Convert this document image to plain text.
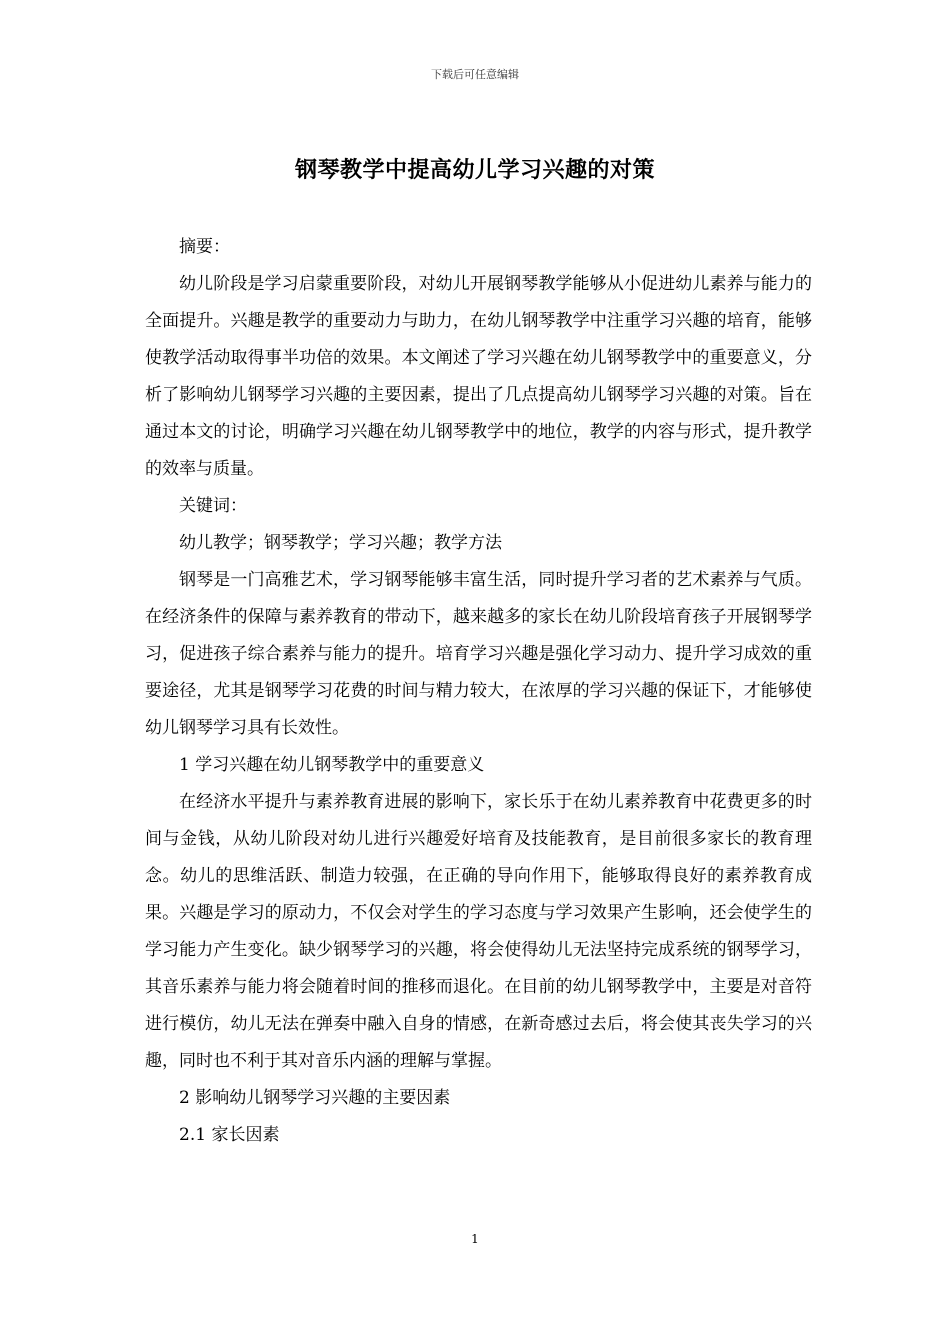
下载后可任意编辑
钢琴教学中提高幼儿学习兴趣的对策

摘要：

幼儿阶段是学习启蒙重要阶段，对幼儿开展钢琴教学能够从小促进幼儿素养与能力的全面提升。兴趣是教学的重要动力与助力，在幼儿钢琴教学中注重学习兴趣的培育，能够使教学活动取得事半功倍的效果。本文阐述了学习兴趣在幼儿钢琴教学中的重要意义，分析了影响幼儿钢琴学习兴趣的主要因素，提出了几点提高幼儿钢琴学习兴趣的对策。旨在通过本文的讨论，明确学习兴趣在幼儿钢琴教学中的地位，教学的内容与形式，提升教学的效率与质量。

关键词：

幼儿教学；钢琴教学；学习兴趣；教学方法

钢琴是一门高雅艺术，学习钢琴能够丰富生活，同时提升学习者的艺术素养与气质。在经济条件的保障与素养教育的带动下，越来越多的家长在幼儿阶段培育孩子开展钢琴学习，促进孩子综合素养与能力的提升。培育学习兴趣是强化学习动力、提升学习成效的重要途径，尤其是钢琴学习花费的时间与精力较大，在浓厚的学习兴趣的保证下，才能够使幼儿钢琴学习具有长效性。

1 学习兴趣在幼儿钢琴教学中的重要意义

在经济水平提升与素养教育进展的影响下，家长乐于在幼儿素养教育中花费更多的时间与金钱，从幼儿阶段对幼儿进行兴趣爱好培育及技能教育，是目前很多家长的教育理念。幼儿的思维活跃、制造力较强，在正确的导向作用下，能够取得良好的素养教育成果。兴趣是学习的原动力，不仅会对学生的学习态度与学习效果产生影响，还会使学生的学习能力产生变化。缺少钢琴学习的兴趣，将会使得幼儿无法坚持完成系统的钢琴学习，其音乐素养与能力将会随着时间的推移而退化。在目前的幼儿钢琴教学中，主要是对音符进行模仿，幼儿无法在弹奏中融入自身的情感，在新奇感过去后，将会使其丧失学习的兴趣，同时也不利于其对音乐内涵的理解与掌握。

2 影响幼儿钢琴学习兴趣的主要因素

2.1 家长因素

1
